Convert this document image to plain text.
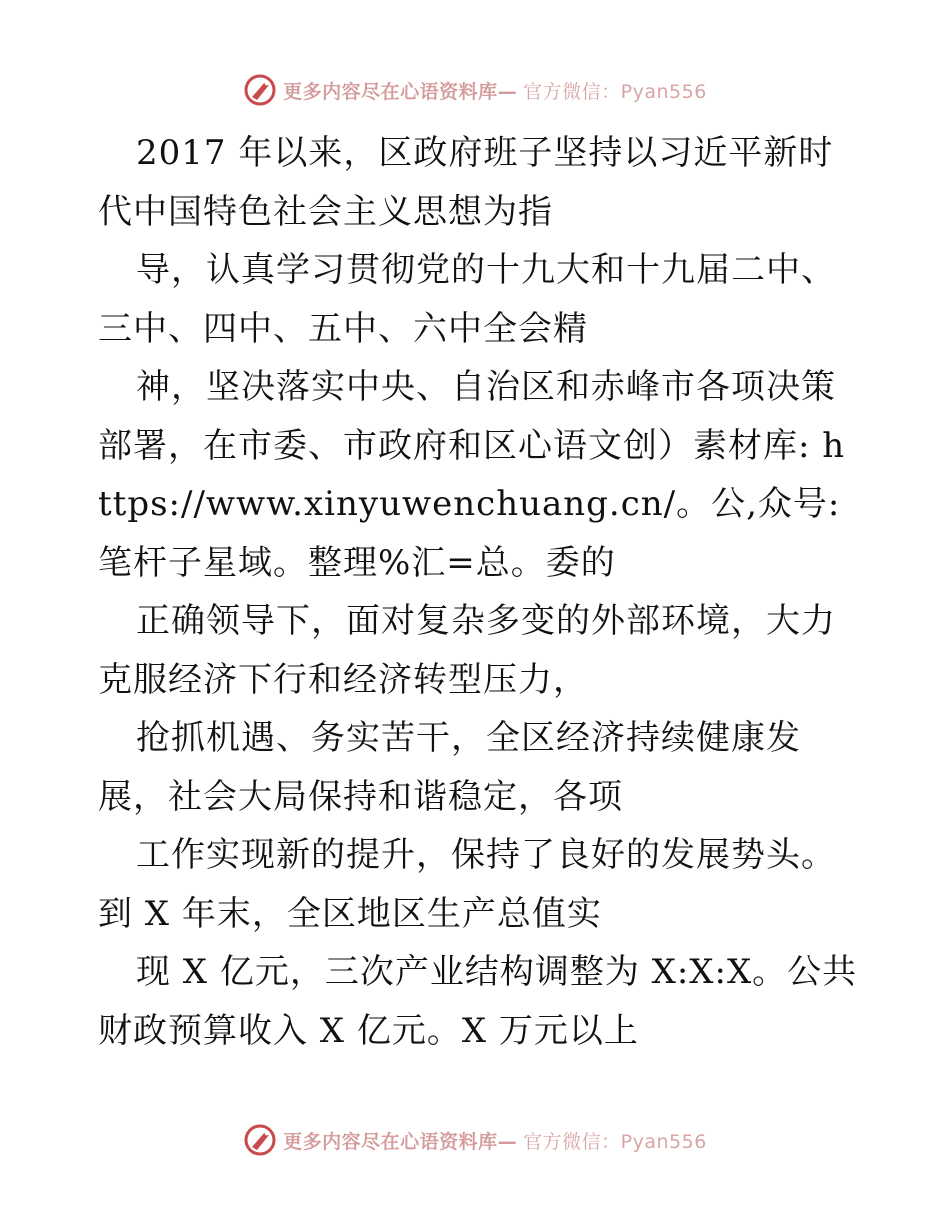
更多内容尽在心语资料库— 官方微信：Pyan556

2017 年以来，区政府班子坚持以习近平新时代中国特色社会主义思想为指

导，认真学习贯彻党的十九大和十九届二中、三中、四中、五中、六中全会精

神，坚决落实中央、自治区和赤峰市各项决策部署，在市委、市政府和区心语文创）素材库: https://www.xinyuwenchuang.cn/。公,众号: 笔杆子星域。整理%汇=总。委的

正确领导下，面对复杂多变的外部环境，大力克服经济下行和经济转型压力，

抢抓机遇、务实苦干，全区经济持续健康发展，社会大局保持和谐稳定，各项

工作实现新的提升，保持了良好的发展势头。到 X 年末，全区地区生产总值实

现 X 亿元，三次产业结构调整为 X:X:X。公共财政预算收入 X 亿元。X 万元以上

更多内容尽在心语资料库— 官方微信：Pyan556
